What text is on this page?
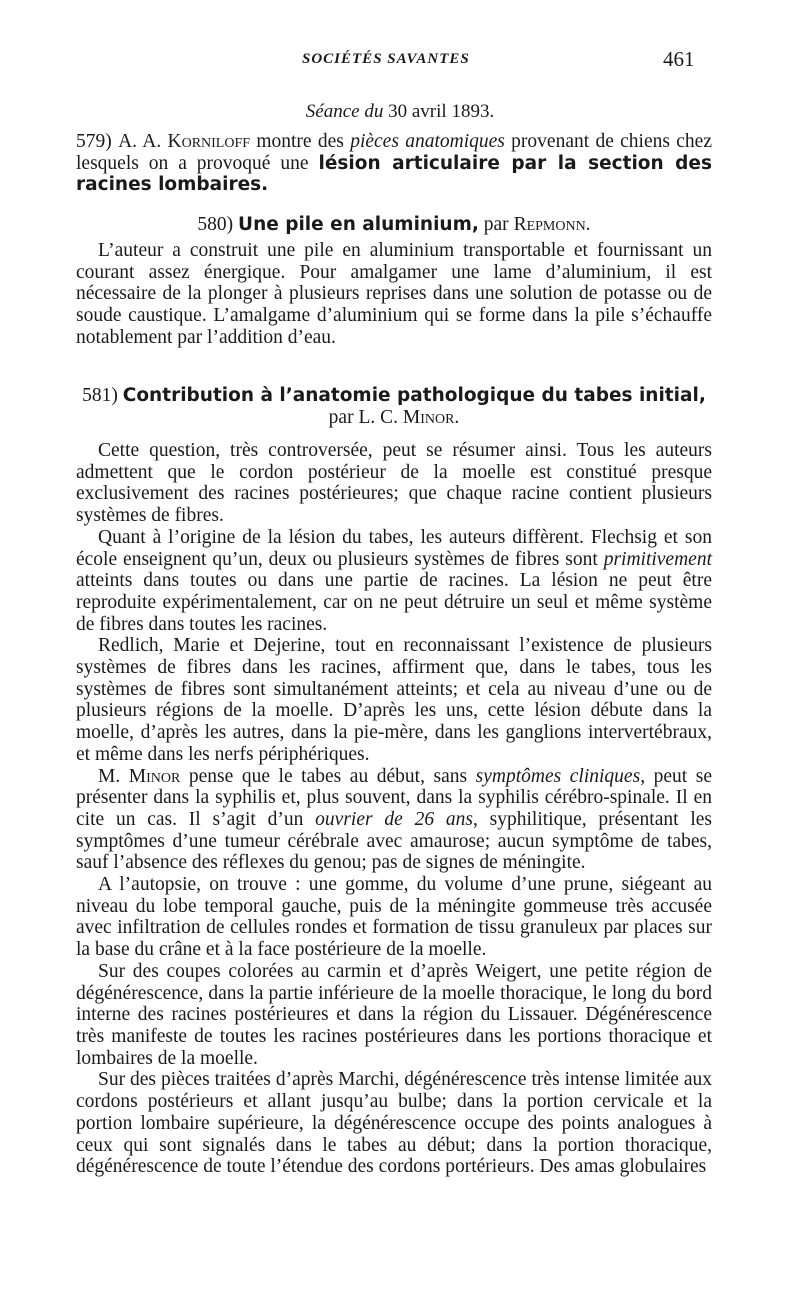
SOCIÉTÉS SAVANTES	461
Séance du 30 avril 1893.

579) A. A. Korniloff montre des pièces anatomiques provenant de chiens chez lesquels on a provoqué une lésion articulaire par la section des racines lombaires.

580) Une pile en aluminium, par Repmonn.

L’auteur a construit une pile en aluminium transportable et fournissant un courant assez énergique. Pour amalgamer une lame d’aluminium, il est nécessaire de la plonger à plusieurs reprises dans une solution de potasse ou de soude caustique. L’amalgame d’aluminium qui se forme dans la pile s’échauffe notablement par l’addition d’eau.

581) Contribution à l’anatomie pathologique du tabes initial,

par L. C. Minor.

Cette question, très controversée, peut se résumer ainsi. Tous les auteurs admettent que le cordon postérieur de la moelle est constitué presque exclusivement des racines postérieures; que chaque racine contient plusieurs systèmes de fibres.

Quant à l’origine de la lésion du tabes, les auteurs diffèrent. Flechsig et son école enseignent qu’un, deux ou plusieurs systèmes de fibres sont primitivement atteints dans toutes ou dans une partie de racines. La lésion ne peut être reproduite expérimentalement, car on ne peut détruire un seul et même système de fibres dans toutes les racines.

Redlich, Marie et Dejerine, tout en reconnaissant l’existence de plusieurs systèmes de fibres dans les racines, affirment que, dans le tabes, tous les systèmes de fibres sont simultanément atteints; et cela au niveau d’une ou de plusieurs régions de la moelle. D’après les uns, cette lésion débute dans la moelle, d’après les autres, dans la pie-mère, dans les ganglions intervertébraux, et même dans les nerfs périphériques.

M. Minor pense que le tabes au début, sans symptômes cliniques, peut se présenter dans la syphilis et, plus souvent, dans la syphilis cérébro-spinale. Il en cite un cas. Il s’agit d’un ouvrier de 26 ans, syphilitique, présentant les symptômes d’une tumeur cérébrale avec amaurose; aucun symptôme de tabes, sauf l’absence des réflexes du genou; pas de signes de méningite.

A l’autopsie, on trouve : une gomme, du volume d’une prune, siégeant au niveau du lobe temporal gauche, puis de la méningite gommeuse très accusée avec infiltration de cellules rondes et formation de tissu granuleux par places sur la base du crâne et à la face postérieure de la moelle.

Sur des coupes colorées au carmin et d’après Weigert, une petite région de dégénérescence, dans la partie inférieure de la moelle thoracique, le long du bord interne des racines postérieures et dans la région du Lissauer. Dégénérescence très manifeste de toutes les racines postérieures dans les portions thoracique et lombaires de la moelle.

Sur des pièces traitées d’après Marchi, dégénérescence très intense limitée aux cordons postérieurs et allant jusqu’au bulbe; dans la portion cervicale et la portion lombaire supérieure, la dégénérescence occupe des points analogues à ceux qui sont signalés dans le tabes au début; dans la portion thoracique, dégénérescence de toute l’étendue des cordons portérieurs. Des amas globulaires
